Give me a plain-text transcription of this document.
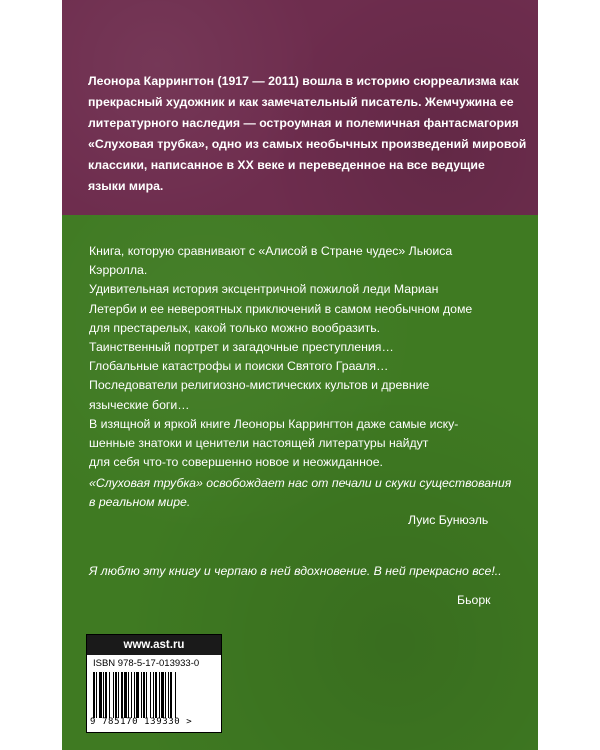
Леонора Каррингтон (1917 — 2011) вошла в историю сюрреализма как
прекрасный художник и как замечательный писатель. Жемчужина ее
литературного наследия — остроумная и полемичная фантасмагория
«Слуховая трубка», одно из самых необычных произведений мировой
классики, написанное в XX веке и переведенное на все ведущие
языки мира.
Книга, которую сравнивают с «Алисой в Стране чудес» Льюиса
Кэрролла.
Удивительная история эксцентричной пожилой леди Мариан
Летерби и ее невероятных приключений в самом необычном доме
для престарелых, какой только можно вообразить.
Таинственный портрет и загадочные преступления…
Глобальные катастрофы и поиски Святого Грааля…
Последователи религиозно-мистических культов и древние
языческие боги…
В изящной и яркой книге Леоноры Каррингтон даже самые иску-
шенные знатоки и ценители настоящей литературы найдут
для себя что-то совершенно новое и неожиданное.
«Слуховая трубка» освобождает нас от печали и скуки существования
в реальном мире.
Луис Бунюэль
Я люблю эту книгу и черпаю в ней вдохновение. В ней прекрасно все!..
Бьорк
www.ast.ru
ISBN 978-5-17-013933-0
9 785170 139330 >
